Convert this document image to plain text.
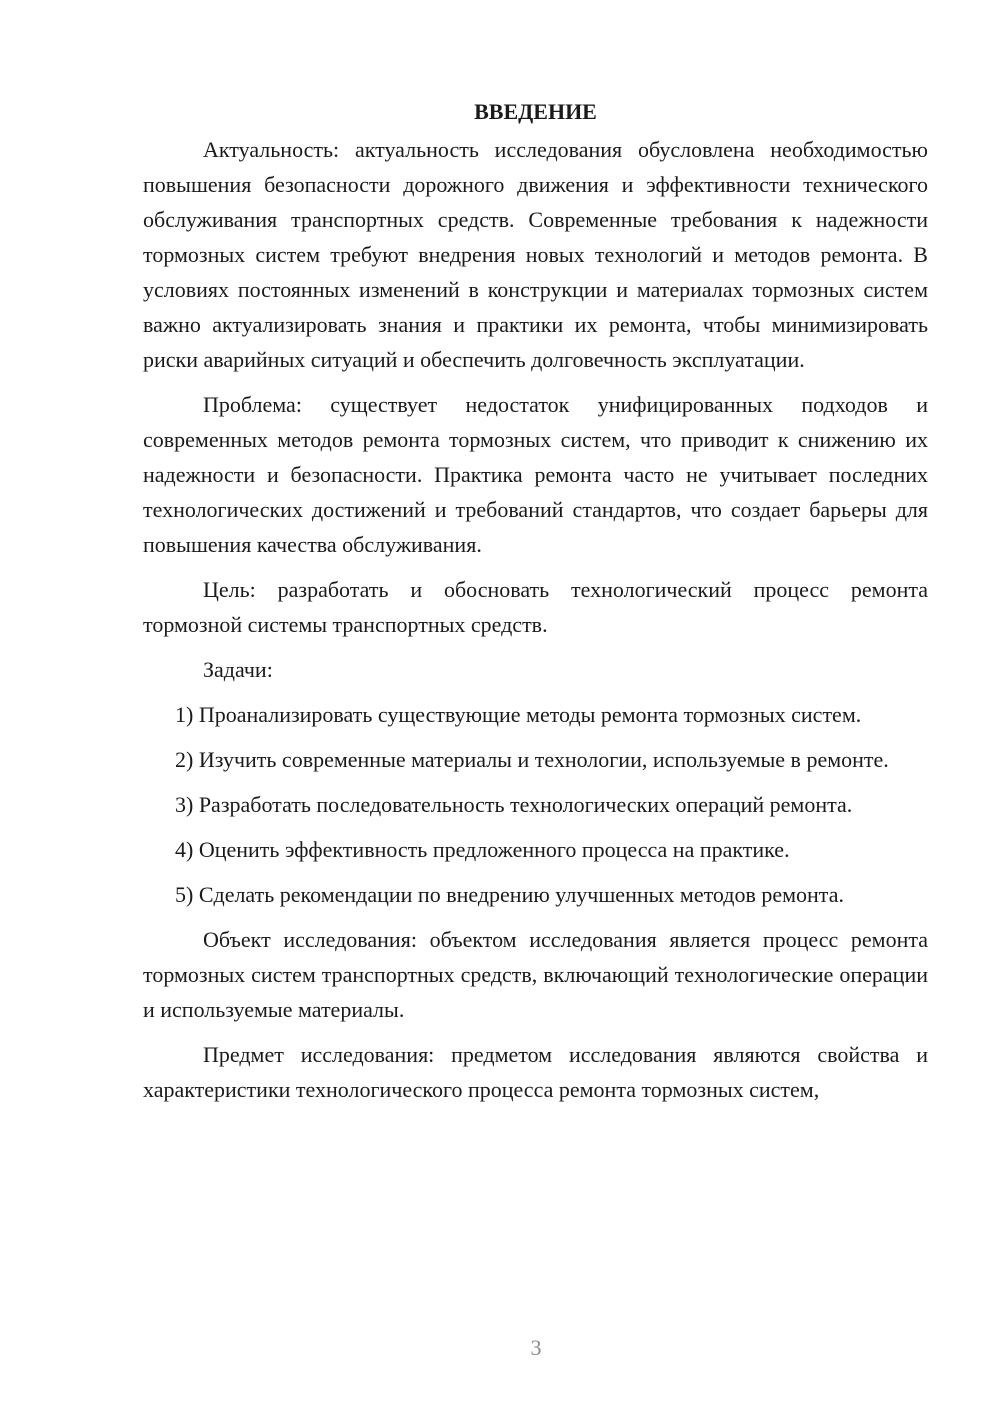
ВВЕДЕНИЕ

Актуальность: актуальность исследования обусловлена необходимостью повышения безопасности дорожного движения и эффективности технического обслуживания транспортных средств. Современные требования к надежности тормозных систем требуют внедрения новых технологий и методов ремонта. В условиях постоянных изменений в конструкции и материалах тормозных систем важно актуализировать знания и практики их ремонта, чтобы минимизировать риски аварийных ситуаций и обеспечить долговечность эксплуатации.

Проблема: существует недостаток унифицированных подходов и современных методов ремонта тормозных систем, что приводит к снижению их надежности и безопасности. Практика ремонта часто не учитывает последних технологических достижений и требований стандартов, что создает барьеры для повышения качества обслуживания.

Цель: разработать и обосновать технологический процесс ремонта тормозной системы транспортных средств.

Задачи:

1) Проанализировать существующие методы ремонта тормозных систем.

2) Изучить современные материалы и технологии, используемые в ремонте.

3) Разработать последовательность технологических операций ремонта.

4) Оценить эффективность предложенного процесса на практике.

5) Сделать рекомендации по внедрению улучшенных методов ремонта.

Объект исследования: объектом исследования является процесс ремонта тормозных систем транспортных средств, включающий технологические операции и используемые материалы.

Предмет исследования: предметом исследования являются свойства и характеристики технологического процесса ремонта тормозных систем,

3
